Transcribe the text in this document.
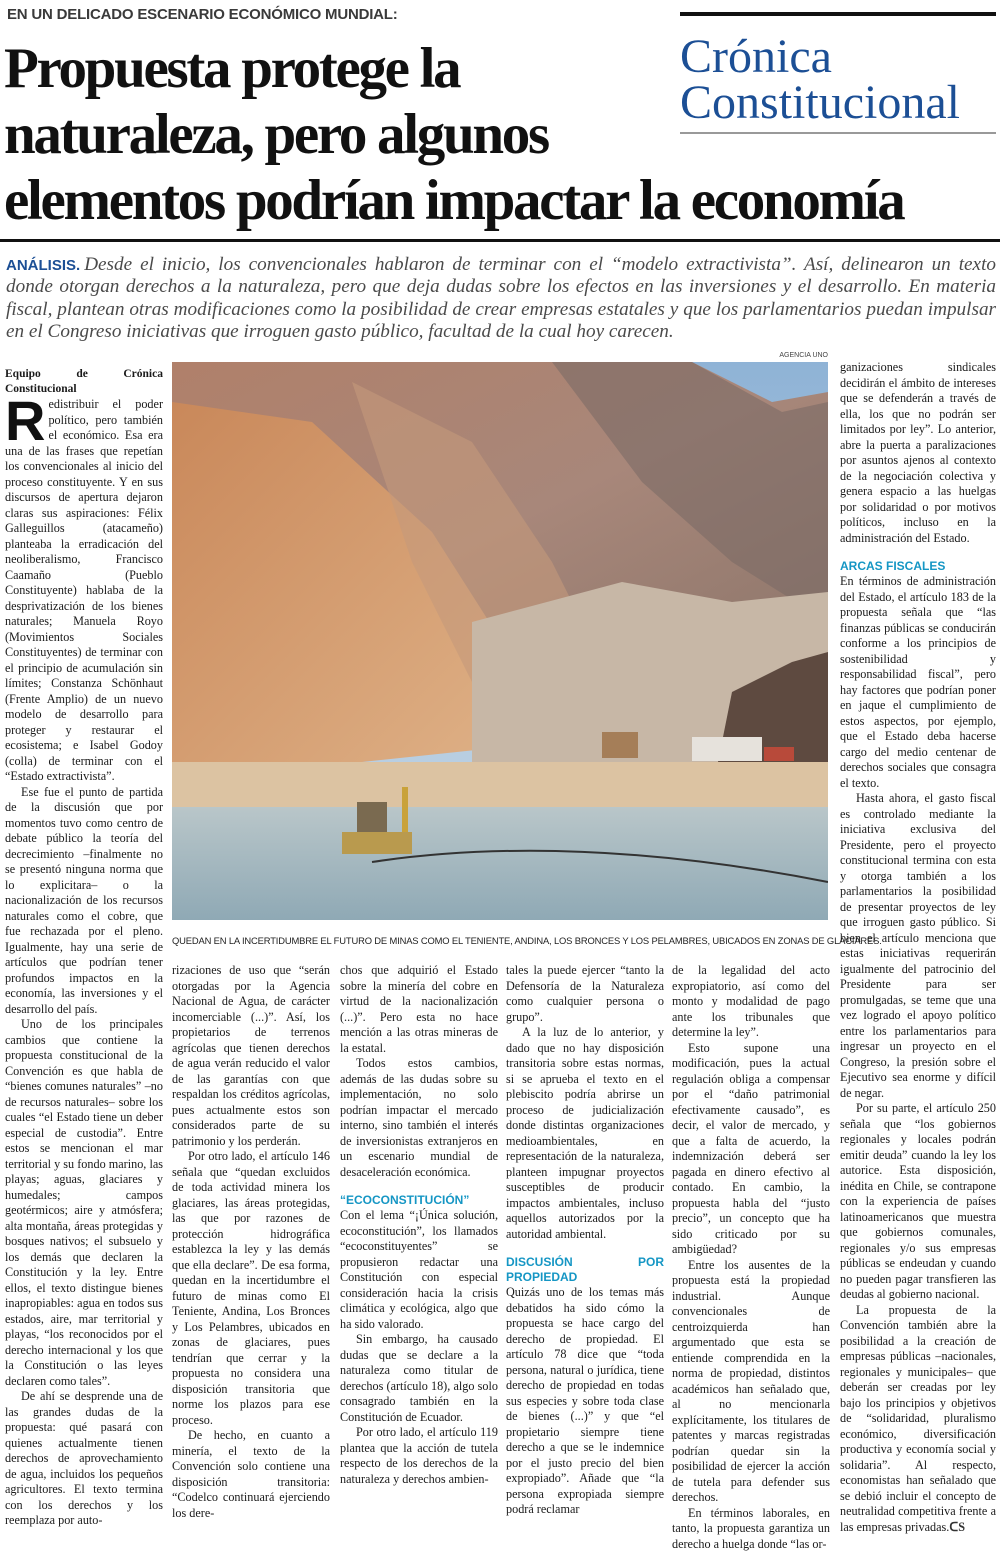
EN UN DELICADO ESCENARIO ECONÓMICO MUNDIAL:
Propuesta protege la
naturaleza, pero algunos
elementos podrían impactar la economía
Crónica
Constitucional

ANÁLISIS. Desde el inicio, los convencionales hablaron de terminar con el “modelo extractivista”. Así, delinearon un texto donde otorgan derechos a la naturaleza, pero que deja dudas sobre los efectos en las inversiones y el desarrollo. En materia fiscal, plantean otras modificaciones como la posibilidad de crear empresas estatales y que los parlamentarios puedan impulsar en el Congreso iniciativas que irroguen gasto público, facultad de la cual hoy carecen.

AGENCIA UNO
QUEDAN EN LA INCERTIDUMBRE EL FUTURO DE MINAS COMO EL TENIENTE, ANDINA, LOS BRONCES Y LOS PELAMBRES, UBICADOS EN ZONAS DE GLACIARES.

Equipo de Crónica Constitucional

Redistribuir el poder político, pero también el económico. Esa era una de las frases que repetían los convencionales al inicio del proceso constituyente. Y en sus discursos de apertura dejaron claras sus aspiraciones: Félix Galleguillos (atacameño) planteaba la erradicación del neoliberalismo, Francisco Caamaño (Pueblo Constituyente) hablaba de la desprivatización de los bienes naturales; Manuela Royo (Movimientos Sociales Constituyentes) de terminar con el principio de acumulación sin límites; Constanza Schönhaut (Frente Amplio) de un nuevo modelo de desarrollo para proteger y restaurar el ecosistema; e Isabel Godoy (colla) de terminar con el “Estado extractivista”.

Ese fue el punto de partida de la discusión que por momentos tuvo como centro de debate público la teoría del decrecimiento –finalmente no se presentó ninguna norma que lo explicitara– o la nacionalización de los recursos naturales como el cobre, que fue rechazada por el pleno. Igualmente, hay una serie de artículos que podrían tener profundos impactos en la economía, las inversiones y el desarrollo del país.

Uno de los principales cambios que contiene la propuesta constitucional de la Convención es que habla de “bienes comunes naturales” –no de recursos naturales– sobre los cuales “el Estado tiene un deber especial de custodia”. Entre estos se mencionan el mar territorial y su fondo marino, las playas; aguas, glaciares y humedales; campos geotérmicos; aire y atmósfera; alta montaña, áreas protegidas y bosques nativos; el subsuelo y los demás que declaren la Constitución y la ley. Entre ellos, el texto distingue bienes inapropiables: agua en todos sus estados, aire, mar territorial y playas, “los reconocidos por el derecho internacional y los que la Constitución o las leyes declaren como tales”.

De ahí se desprende una de las grandes dudas de la propuesta: qué pasará con quienes actualmente tienen derechos de aprovechamiento de agua, incluidos los pequeños agricultores. El texto termina con los derechos y los reemplaza por auto-

rizaciones de uso que “serán otorgadas por la Agencia Nacional de Agua, de carácter incomerciable (...)”. Así, los propietarios de terrenos agrícolas que tienen derechos de agua verán reducido el valor de las garantías con que respaldan los créditos agrícolas, pues actualmente estos son considerados parte de su patrimonio y los perderán.

Por otro lado, el artículo 146 señala que “quedan excluidos de toda actividad minera los glaciares, las áreas protegidas, las que por razones de protección hidrográfica establezca la ley y las demás que ella declare”. De esa forma, quedan en la incertidumbre el futuro de minas como El Teniente, Andina, Los Bronces y Los Pelambres, ubicados en zonas de glaciares, pues tendrían que cerrar y la propuesta no considera una disposición transitoria que norme los plazos para ese proceso.

De hecho, en cuanto a minería, el texto de la Convención solo contiene una disposición transitoria: “Codelco continuará ejerciendo los dere-

chos que adquirió el Estado sobre la minería del cobre en virtud de la nacionalización (...)”. Pero esta no hace mención a las otras mineras de la estatal.

Todos estos cambios, además de las dudas sobre su implementación, no solo podrían impactar el mercado interno, sino también el interés de inversionistas extranjeros en un escenario mundial de desaceleración económica.

“ECOCONSTITUCIÓN”

Con el lema “¡Única solución, ecoconstitución”, los llamados “ecoconstituyentes” se propusieron redactar una Constitución con especial consideración hacia la crisis climática y ecológica, algo que ha sido valorado.

Sin embargo, ha causado dudas que se declare a la naturaleza como titular de derechos (artículo 18), algo solo consagrado también en la Constitución de Ecuador.

Por otro lado, el artículo 119 plantea que la acción de tutela respecto de los derechos de la naturaleza y derechos ambien-

tales la puede ejercer “tanto la Defensoría de la Naturaleza como cualquier persona o grupo”.

A la luz de lo anterior, y dado que no hay disposición transitoria sobre estas normas, si se aprueba el texto en el plebiscito podría abrirse un proceso de judicialización donde distintas organizaciones medioambientales, en representación de la naturaleza, planteen impugnar proyectos susceptibles de producir impactos ambientales, incluso aquellos autorizados por la autoridad ambiental.

DISCUSIÓN POR PROPIEDAD

Quizás uno de los temas más debatidos ha sido cómo la propuesta se hace cargo del derecho de propiedad. El artículo 78 dice que “toda persona, natural o jurídica, tiene derecho de propiedad en todas sus especies y sobre toda clase de bienes (...)” y que “el propietario siempre tiene derecho a que se le indemnice por el justo precio del bien expropiado”. Añade que “la persona expropiada siempre podrá reclamar

de la legalidad del acto expropiatorio, así como del monto y modalidad de pago ante los tribunales que determine la ley”.

Esto supone una modificación, pues la actual regulación obliga a compensar por el “daño patrimonial efectivamente causado”, es decir, el valor de mercado, y que a falta de acuerdo, la indemnización deberá ser pagada en dinero efectivo al contado. En cambio, la propuesta habla del “justo precio”, un concepto que ha sido criticado por su ambigüedad?

Entre los ausentes de la propuesta está la propiedad industrial. Aunque convencionales de centroizquierda han argumentado que esta se entiende comprendida en la norma de propiedad, distintos académicos han señalado que, al no mencionarla explícitamente, los titulares de patentes y marcas registradas podrían quedar sin la posibilidad de ejercer la acción de tutela para defender sus derechos.

En términos laborales, en tanto, la propuesta garantiza un derecho a huelga donde “las or-

ganizaciones sindicales decidirán el ámbito de intereses que se defenderán a través de ella, los que no podrán ser limitados por ley”. Lo anterior, abre la puerta a paralizaciones por asuntos ajenos al contexto de la negociación colectiva y genera espacio a las huelgas por solidaridad o por motivos políticos, incluso en la administración del Estado.

ARCAS FISCALES

En términos de administración del Estado, el artículo 183 de la propuesta señala que “las finanzas públicas se conducirán conforme a los principios de sostenibilidad y responsabilidad fiscal”, pero hay factores que podrían poner en jaque el cumplimiento de estos aspectos, por ejemplo, que el Estado deba hacerse cargo del medio centenar de derechos sociales que consagra el texto.

Hasta ahora, el gasto fiscal es controlado mediante la iniciativa exclusiva del Presidente, pero el proyecto constitucional termina con esta y otorga también a los parlamentarios la posibilidad de presentar proyectos de ley que irroguen gasto público. Si bien el artículo menciona que estas iniciativas requerirán igualmente del patrocinio del Presidente para ser promulgadas, se teme que una vez logrado el apoyo político entre los parlamentarios para ingresar un proyecto en el Congreso, la presión sobre el Ejecutivo sea enorme y difícil de negar.

Por su parte, el artículo 250 señala que “los gobiernos regionales y locales podrán emitir deuda” cuando la ley los autorice. Esta disposición, inédita en Chile, se contrapone con la experiencia de países latinoamericanos que muestra que gobiernos comunales, regionales y/o sus empresas públicas se endeudan y cuando no pueden pagar transfieren las deudas al gobierno nacional.

La propuesta de la Convención también abre la posibilidad a la creación de empresas públicas –nacionales, regionales y municipales– que deberán ser creadas por ley bajo los principios y objetivos de “solidaridad, pluralismo económico, diversificación productiva y economía social y solidaria”. Al respecto, economistas han señalado que se debió incluir el concepto de neutralidad competitiva frente a las empresas privadas.ᑕЅ
